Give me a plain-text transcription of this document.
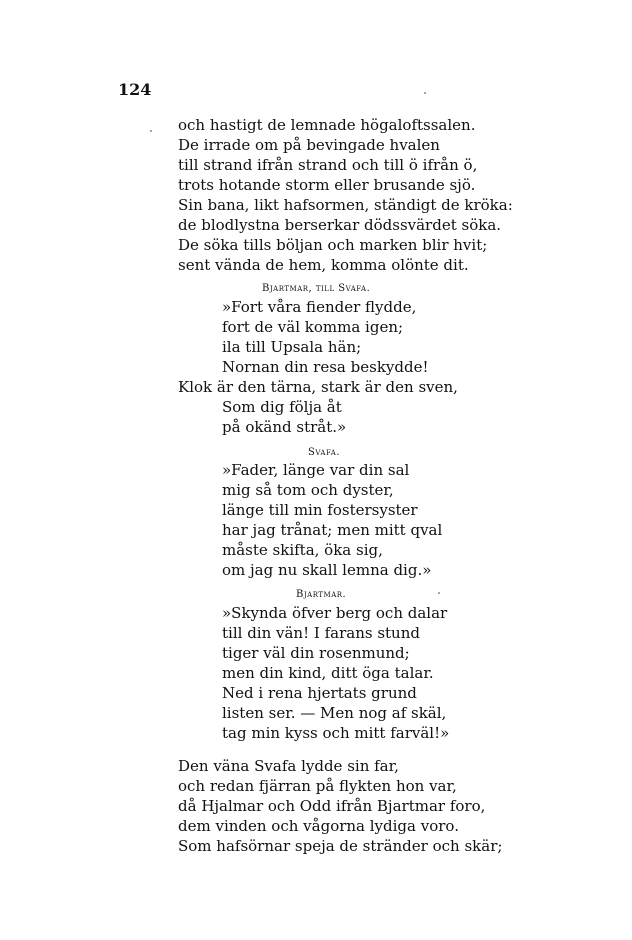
124
och hastigt de lemnade högaloftssalen.
De irrade om på bevingade hvalen
till strand ifrån strand och till ö ifrån ö,
trots hotande storm eller brusande sjö.
Sin bana, likt hafsormen, ständigt de kröka:
de blodlystna berserkar dödssvärdet söka.
De söka tills böljan och marken blir hvit;
sent vända de hem, komma olönte dit.
Bjartmar, till Svafa.
»Fort våra fiender flydde,
fort de väl komma igen;
ila till Upsala hän;
Nornan din resa beskydde!
Klok är den tärna, stark är den sven,
Som dig följa åt
på okänd stråt.»
Svafa.
»Fader, länge var din sal
mig så tom och dyster,
länge till min fostersyster
har jag trånat; men mitt qval
måste skifta, öka sig,
om jag nu skall lemna dig.»
Bjartmar.
»Skynda öfver berg och dalar
till din vän! I farans stund
tiger väl din rosenmund;
men din kind, ditt öga talar.
Ned i rena hjertats grund
listen ser. — Men nog af skäl,
tag min kyss och mitt farväl!»
Den väna Svafa lydde sin far,
och redan fjärran på flykten hon var,
då Hjalmar och Odd ifrån Bjartmar foro,
dem vinden och vågorna lydiga voro.
Som hafsörnar speja de stränder och skär;
